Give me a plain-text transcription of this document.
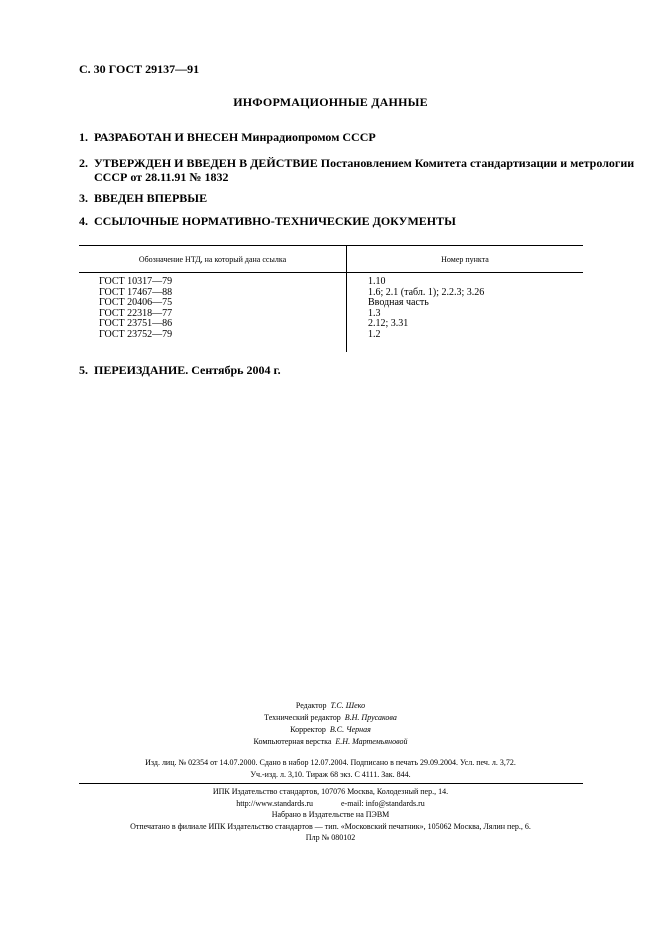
С. 30 ГОСТ 29137—91
ИНФОРМАЦИОННЫЕ ДАННЫЕ
1. РАЗРАБОТАН И ВНЕСЕН Минрадиопромом СССР
2. УТВЕРЖДЕН И ВВЕДЕН В ДЕЙСТВИЕ Постановлением Комитета стандартизации и метрологии
СССР от 28.11.91 № 1832
3. ВВЕДЕН ВПЕРВЫЕ
4. ССЫЛОЧНЫЕ НОРМАТИВНО-ТЕХНИЧЕСКИЕ ДОКУМЕНТЫ
Обозначение НТД, на который дана ссылка	Номер пункта
ГОСТ 10317—79	1.10
ГОСТ 17467—88	1.6; 2.1 (табл. 1); 2.2.3; 3.26
ГОСТ 20406—75	Вводная часть
ГОСТ 22318—77	1.3
ГОСТ 23751—86	2.12; 3.31
ГОСТ 23752—79	1.2
5. ПЕРЕИЗДАНИЕ. Сентябрь 2004 г.
Редактор Т.С. Шеко
Технический редактор В.Н. Прусакова
Корректор В.С. Черная
Компьютерная верстка Е.Н. Мартемьяновой
Изд. лиц. № 02354 от 14.07.2000. Сдано в набор 12.07.2004. Подписано в печать 29.09.2004. Усл. печ. л. 3,72.
Уч.-изд. л. 3,10. Тираж 68 экз. С 4111. Зак. 844.
ИПК Издательство стандартов, 107076 Москва, Колодезный пер., 14.
http://www.standards.ru              e-mail: info@standards.ru
Набрано в Издательстве на ПЭВМ
Отпечатано в филиале ИПК Издательство стандартов — тип. «Московский печатник», 105062 Москва, Лялин пер., 6.
Плр № 080102
